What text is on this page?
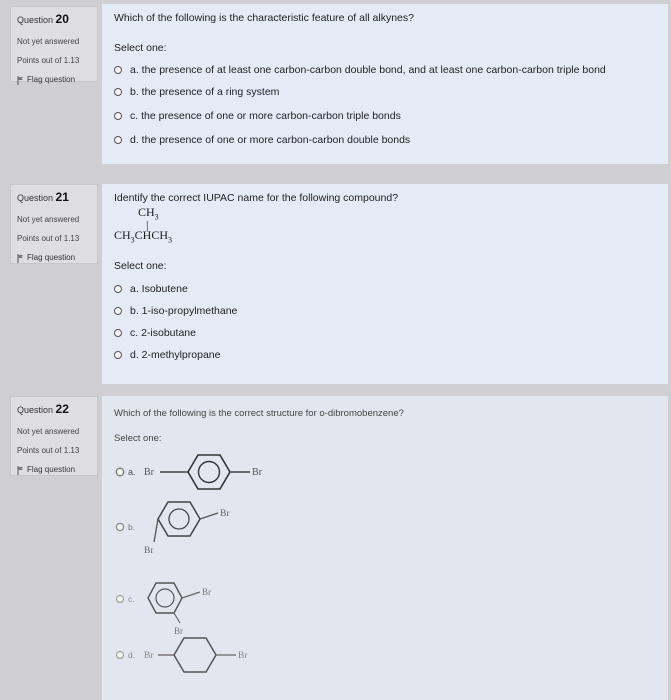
Question 20
Not yet answered
Points out of 1.13
Flag question
Which of the following is the characteristic feature of all alkynes?
Select one:
a. the presence of at least one carbon-carbon double bond, and at least one carbon-carbon triple bond
b. the presence of a ring system
c. the presence of one or more carbon-carbon triple bonds
d. the presence of one or more carbon-carbon double bonds
Question 21
Not yet answered
Points out of 1.13
Flag question
Identify the correct IUPAC name for the following compound?
$CH_3$
|
$CH_3CHCH_3$
Select one:
a. Isobutene
b. 1-iso-propylmethane
c. 2-isobutane
d. 2-methylpropane
Question 22
Not yet answered
Points out of 1.13
Flag question
Which of the following is the correct structure for o-dibromobenzene?
Select one:
a. Br	Br
b.
Br
Br
c.
Br
Br
d. Br	Br
